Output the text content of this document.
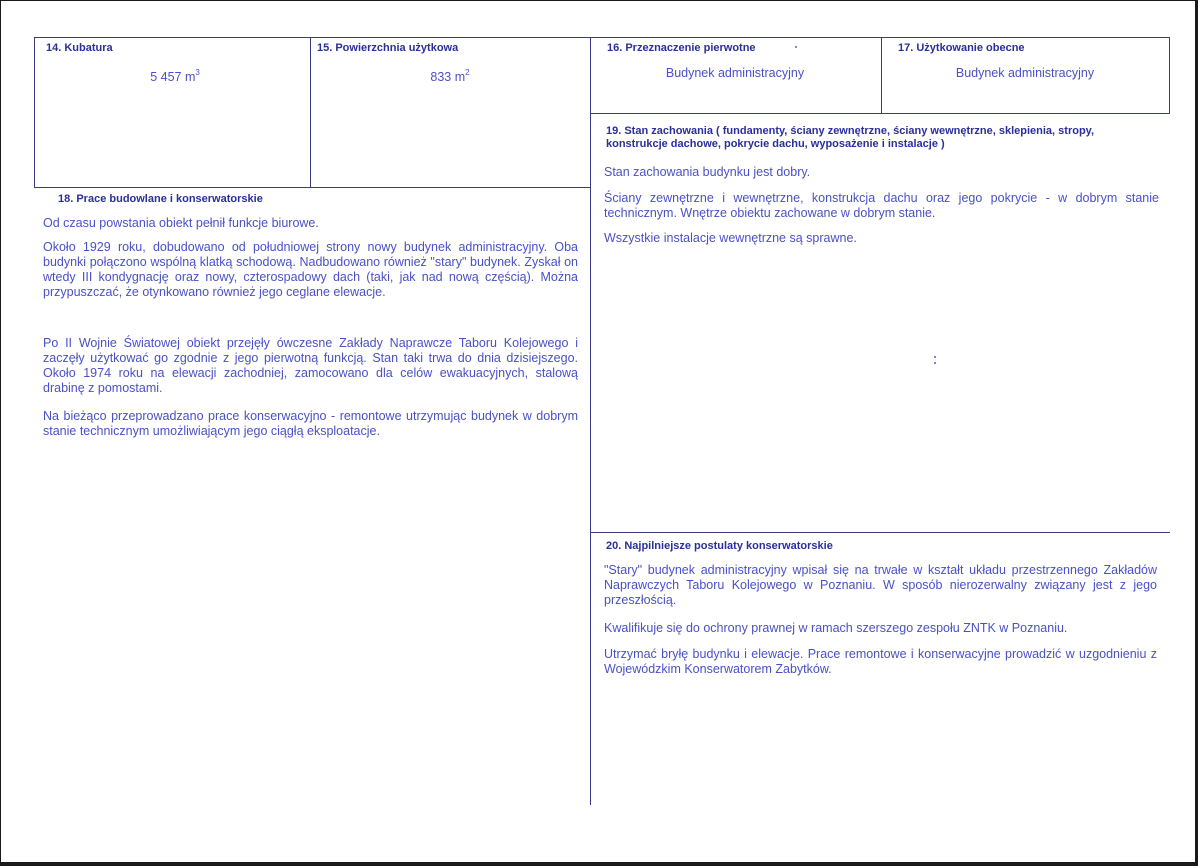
14. Kubatura
5 457 $m^3$
15. Powierzchnia użytkowa
833 $m^2$
16. Przeznaczenie pierwotne
Budynek administracyjny
17. Użytkowanie obecne
Budynek administracyjny
18. Prace budowlane i konserwatorskie

Od czasu powstania obiekt pełnił funkcje biurowe.

Około 1929 roku, dobudowano od południowej strony nowy budynek administracyjny. Oba budynki połączono wspólną klatką schodową. Nadbudowano również "stary" budynek. Zyskał on wtedy III kondygnację oraz nowy, czterospadowy dach (taki, jak nad nową częścią). Można przypuszczać, że otynkowano również jego ceglane elewacje.

Po II Wojnie Światowej obiekt przejęły ówczesne Zakłady Naprawcze Taboru Kolejowego i zaczęły użytkować go zgodnie z jego pierwotną funkcją. Stan taki trwa do dnia dzisiejszego. Około 1974 roku na elewacji zachodniej, zamocowano dla celów ewakuacyjnych, stalową drabinę z pomostami.

Na bieżąco przeprowadzano prace konserwacyjno - remontowe utrzymując budynek w dobrym stanie technicznym umożliwiającym jego ciągłą eksploatacje.

19. Stan zachowania ( fundamenty, ściany zewnętrzne, ściany wewnętrzne, sklepienia, stropy, konstrukcje dachowe, pokrycie dachu, wyposażenie i instalacje )

Stan zachowania budynku jest dobry.

Ściany zewnętrzne i wewnętrzne, konstrukcja dachu oraz jego pokrycie - w dobrym stanie technicznym. Wnętrze obiektu zachowane w dobrym stanie.

Wszystkie instalacje wewnętrzne są sprawne.

20. Najpilniejsze postulaty konserwatorskie

"Stary" budynek administracyjny wpisał się na trwałe w kształt układu przestrzennego Zakładów Naprawczych Taboru Kolejowego w Poznaniu. W sposób nierozerwalny związany jest z jego przeszłością.

Kwalifikuje się do ochrony prawnej w ramach szerszego zespołu ZNTK w Poznaniu.

Utrzymać bryłę budynku i elewacje. Prace remontowe i konserwacyjne prowadzić w uzgodnieniu z Wojewódzkim Konserwatorem Zabytków.
